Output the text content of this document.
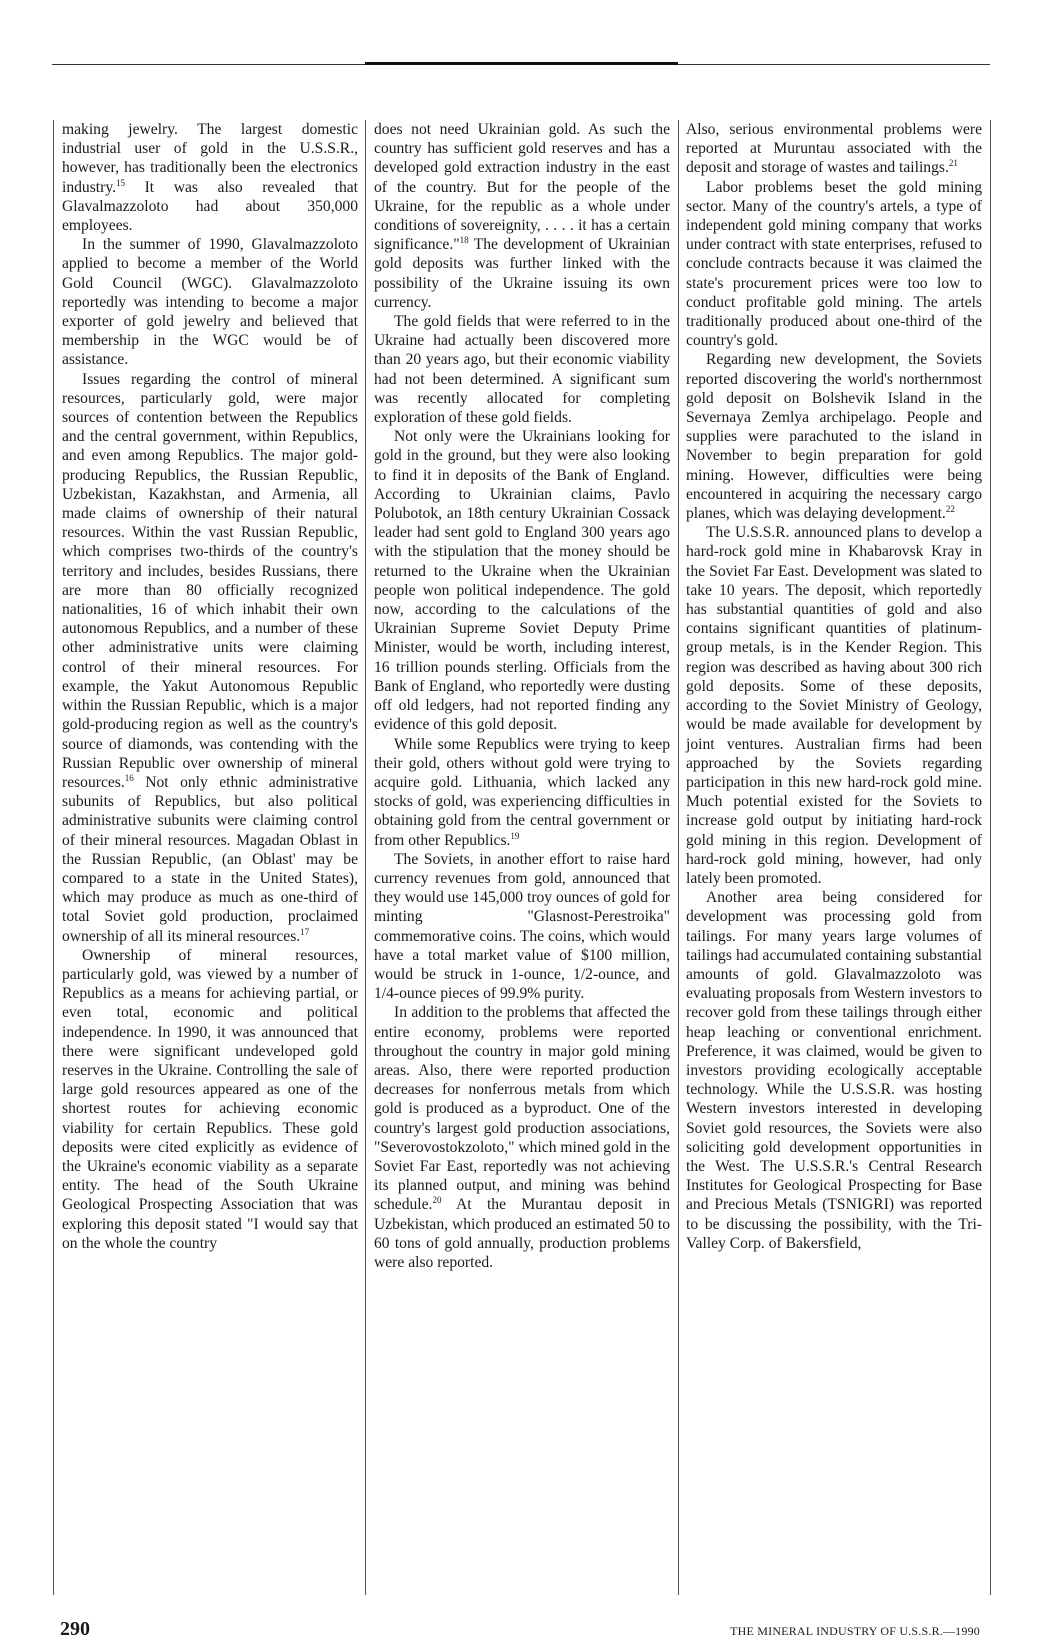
making jewelry. The largest domestic industrial user of gold in the U.S.S.R., however, has traditionally been the electronics industry.$^{15}$ It was also revealed that Glavalmazzoloto had about 350,000 employees.

In the summer of 1990, Glavalmazzoloto applied to become a member of the World Gold Council (WGC). Glavalmazzoloto reportedly was intending to become a major exporter of gold jewelry and believed that membership in the WGC would be of assistance.

Issues regarding the control of mineral resources, particularly gold, were major sources of contention between the Republics and the central government, within Republics, and even among Republics. The major gold-producing Republics, the Russian Republic, Uzbekistan, Kazakhstan, and Armenia, all made claims of ownership of their natural resources. Within the vast Russian Republic, which comprises two-thirds of the country's territory and includes, besides Russians, there are more than 80 officially recognized nationalities, 16 of which inhabit their own autonomous Republics, and a number of these other administrative units were claiming control of their mineral resources. For example, the Yakut Autonomous Republic within the Russian Republic, which is a major gold-producing region as well as the country's source of diamonds, was contending with the Russian Republic over ownership of mineral resources.$^{16}$ Not only ethnic administrative subunits of Republics, but also political administrative subunits were claiming control of their mineral resources. Magadan Oblast in the Russian Republic, (an Oblast' may be compared to a state in the United States), which may produce as much as one-third of total Soviet gold production, proclaimed ownership of all its mineral resources.$^{17}$

Ownership of mineral resources, particularly gold, was viewed by a number of Republics as a means for achieving partial, or even total, economic and political independence. In 1990, it was announced that there were significant undeveloped gold reserves in the Ukraine. Controlling the sale of large gold resources appeared as one of the shortest routes for achieving economic viability for certain Republics. These gold deposits were cited explicitly as evidence of the Ukraine's economic viability as a separate entity. The head of the South Ukraine Geological Prospecting Association that was exploring this deposit stated "I would say that on the whole the country

does not need Ukrainian gold. As such the country has sufficient gold reserves and has a developed gold extraction industry in the east of the country. But for the people of the Ukraine, for the republic as a whole under conditions of sovereignity, . . . . it has a certain significance."$^{18}$ The development of Ukrainian gold deposits was further linked with the possibility of the Ukraine issuing its own currency.

The gold fields that were referred to in the Ukraine had actually been discovered more than 20 years ago, but their economic viability had not been determined. A significant sum was recently allocated for completing exploration of these gold fields.

Not only were the Ukrainians looking for gold in the ground, but they were also looking to find it in deposits of the Bank of England. According to Ukrainian claims, Pavlo Polubotok, an 18th century Ukrainian Cossack leader had sent gold to England 300 years ago with the stipulation that the money should be returned to the Ukraine when the Ukrainian people won political independence. The gold now, according to the calculations of the Ukrainian Supreme Soviet Deputy Prime Minister, would be worth, including interest, 16 trillion pounds sterling. Officials from the Bank of England, who reportedly were dusting off old ledgers, had not reported finding any evidence of this gold deposit.

While some Republics were trying to keep their gold, others without gold were trying to acquire gold. Lithuania, which lacked any stocks of gold, was experiencing difficulties in obtaining gold from the central government or from other Republics.$^{19}$

The Soviets, in another effort to raise hard currency revenues from gold, announced that they would use 145,000 troy ounces of gold for minting "Glasnost-Perestroika" commemorative coins. The coins, which would have a total market value of $100 million, would be struck in 1-ounce, 1/2-ounce, and 1/4-ounce pieces of 99.9% purity.

In addition to the problems that affected the entire economy, problems were reported throughout the country in major gold mining areas. Also, there were reported production decreases for nonferrous metals from which gold is produced as a byproduct. One of the country's largest gold production associations, "Severovostokzoloto," which mined gold in the Soviet Far East, reportedly was not achieving its planned output, and mining was behind schedule.$^{20}$ At the Murantau deposit in Uzbekistan, which produced an estimated 50 to 60 tons of gold annually, production problems were also reported.

Also, serious environmental problems were reported at Muruntau associated with the deposit and storage of wastes and tailings.$^{21}$

Labor problems beset the gold mining sector. Many of the country's artels, a type of independent gold mining company that works under contract with state enterprises, refused to conclude contracts because it was claimed the state's procurement prices were too low to conduct profitable gold mining. The artels traditionally produced about one-third of the country's gold.

Regarding new development, the Soviets reported discovering the world's northernmost gold deposit on Bolshevik Island in the Severnaya Zemlya archipelago. People and supplies were parachuted to the island in November to begin preparation for gold mining. However, difficulties were being encountered in acquiring the necessary cargo planes, which was delaying development.$^{22}$

The U.S.S.R. announced plans to develop a hard-rock gold mine in Khabarovsk Kray in the Soviet Far East. Development was slated to take 10 years. The deposit, which reportedly has substantial quantities of gold and also contains significant quantities of platinum-group metals, is in the Kender Region. This region was described as having about 300 rich gold deposits. Some of these deposits, according to the Soviet Ministry of Geology, would be made available for development by joint ventures. Australian firms had been approached by the Soviets regarding participation in this new hard-rock gold mine. Much potential existed for the Soviets to increase gold output by initiating hard-rock gold mining in this region. Development of hard-rock gold mining, however, had only lately been promoted.

Another area being considered for development was processing gold from tailings. For many years large volumes of tailings had accumulated containing substantial amounts of gold. Glavalmazzoloto was evaluating proposals from Western investors to recover gold from these tailings through either heap leaching or conventional enrichment. Preference, it was claimed, would be given to investors providing ecologically acceptable technology. While the U.S.S.R. was hosting Western investors interested in developing Soviet gold resources, the Soviets were also soliciting gold development opportunities in the West. The U.S.S.R.'s Central Research Institutes for Geological Prospecting for Base and Precious Metals (TSNIGRI) was reported to be discussing the possibility, with the Tri-Valley Corp. of Bakersfield,

290	THE MINERAL INDUSTRY OF U.S.S.R.—1990
